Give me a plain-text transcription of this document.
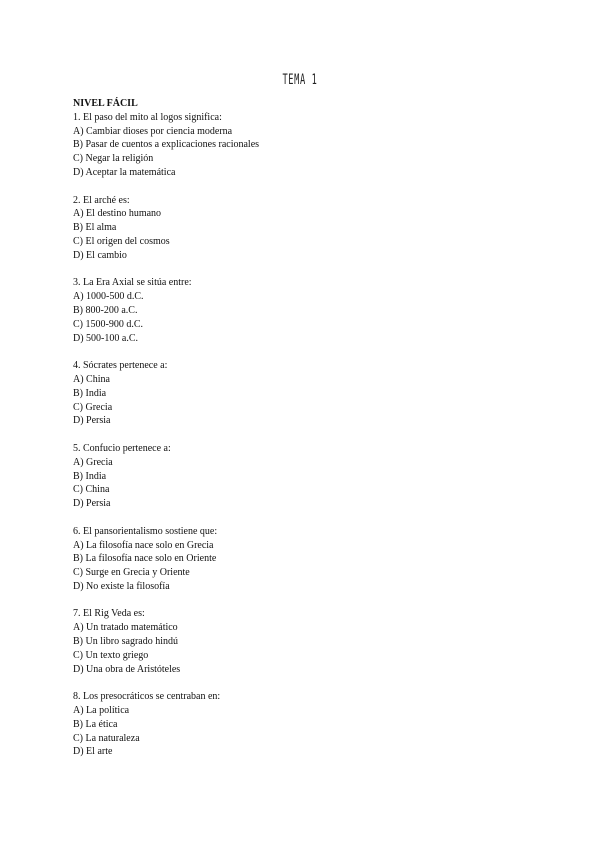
TEMA 1
NIVEL FÁCIL
1. El paso del mito al logos significa:
A) Cambiar dioses por ciencia moderna
B) Pasar de cuentos a explicaciones racionales
C) Negar la religión
D) Aceptar la matemática
2. El arché es:
A) El destino humano
B) El alma
C) El origen del cosmos
D) El cambio
3. La Era Axial se sitúa entre:
A) 1000-500 d.C.
B) 800-200 a.C.
C) 1500-900 d.C.
D) 500-100 a.C.
4. Sócrates pertenece a:
A) China
B) India
C) Grecia
D) Persia
5. Confucio pertenece a:
A) Grecia
B) India
C) China
D) Persia
6. El pansorientalismo sostiene que:
A) La filosofía nace solo en Grecia
B) La filosofía nace solo en Oriente
C) Surge en Grecia y Oriente
D) No existe la filosofía
7. El Rig Veda es:
A) Un tratado matemático
B) Un libro sagrado hindú
C) Un texto griego
D) Una obra de Aristóteles
8. Los presocráticos se centraban en:
A) La política
B) La ética
C) La naturaleza
D) El arte
